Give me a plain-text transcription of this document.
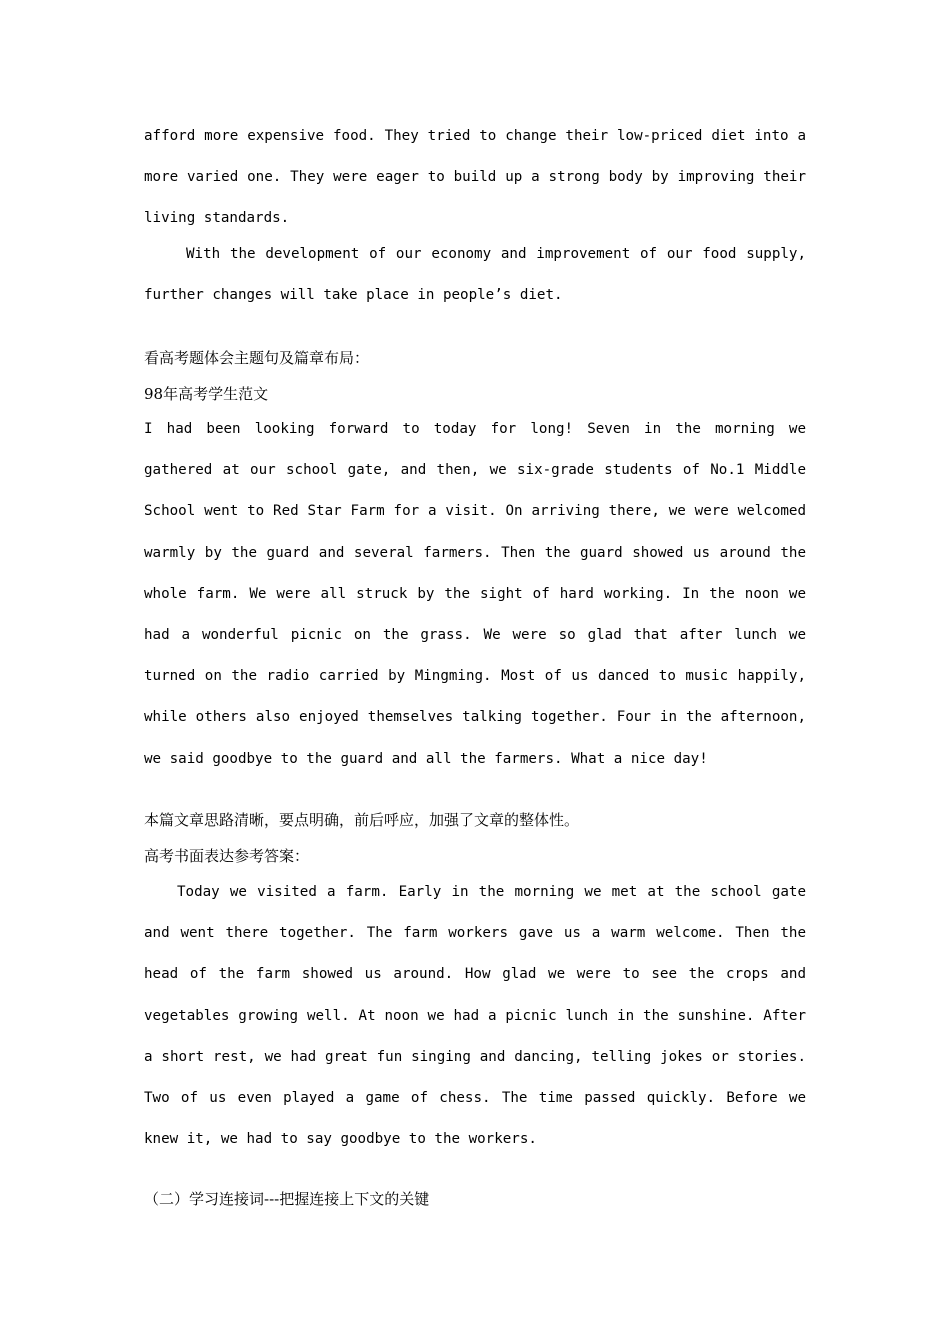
afford more expensive food. They tried to change their low-priced diet into a more varied one. They were eager to build up a strong body by improving their living standards.

With the development of our economy and improvement of our food supply, further changes will take place in people’s diet.

看高考题体会主题句及篇章布局：
98年高考学生范文

I had been looking forward to today for long! Seven in the morning we gathered at our school gate, and then, we six-grade students of No.1 Middle School went to Red Star Farm for a visit. On arriving there, we were welcomed warmly by the guard and several farmers. Then the guard showed us around the whole farm. We were all struck by the sight of hard working. In the noon we had a wonderful picnic on the grass. We were so glad that after lunch we turned on the radio carried by Mingming. Most of us danced to music happily, while others also enjoyed themselves talking together. Four in the afternoon, we said goodbye to the guard and all the farmers. What a nice day!

本篇文章思路清晰，要点明确，前后呼应，加强了文章的整体性。
高考书面表达参考答案：

Today we visited a farm. Early in the morning we met at the school gate and went there together. The farm workers gave us a warm welcome. Then the head of the farm showed us around. How glad we were to see the crops and vegetables growing well. At noon we had a picnic lunch in the sunshine. After a short rest, we had great fun singing and dancing, telling jokes or stories. Two of us even played a game of chess. The time passed quickly. Before we knew it, we had to say goodbye to the workers.

（二）学习连接词---把握连接上下文的关键
